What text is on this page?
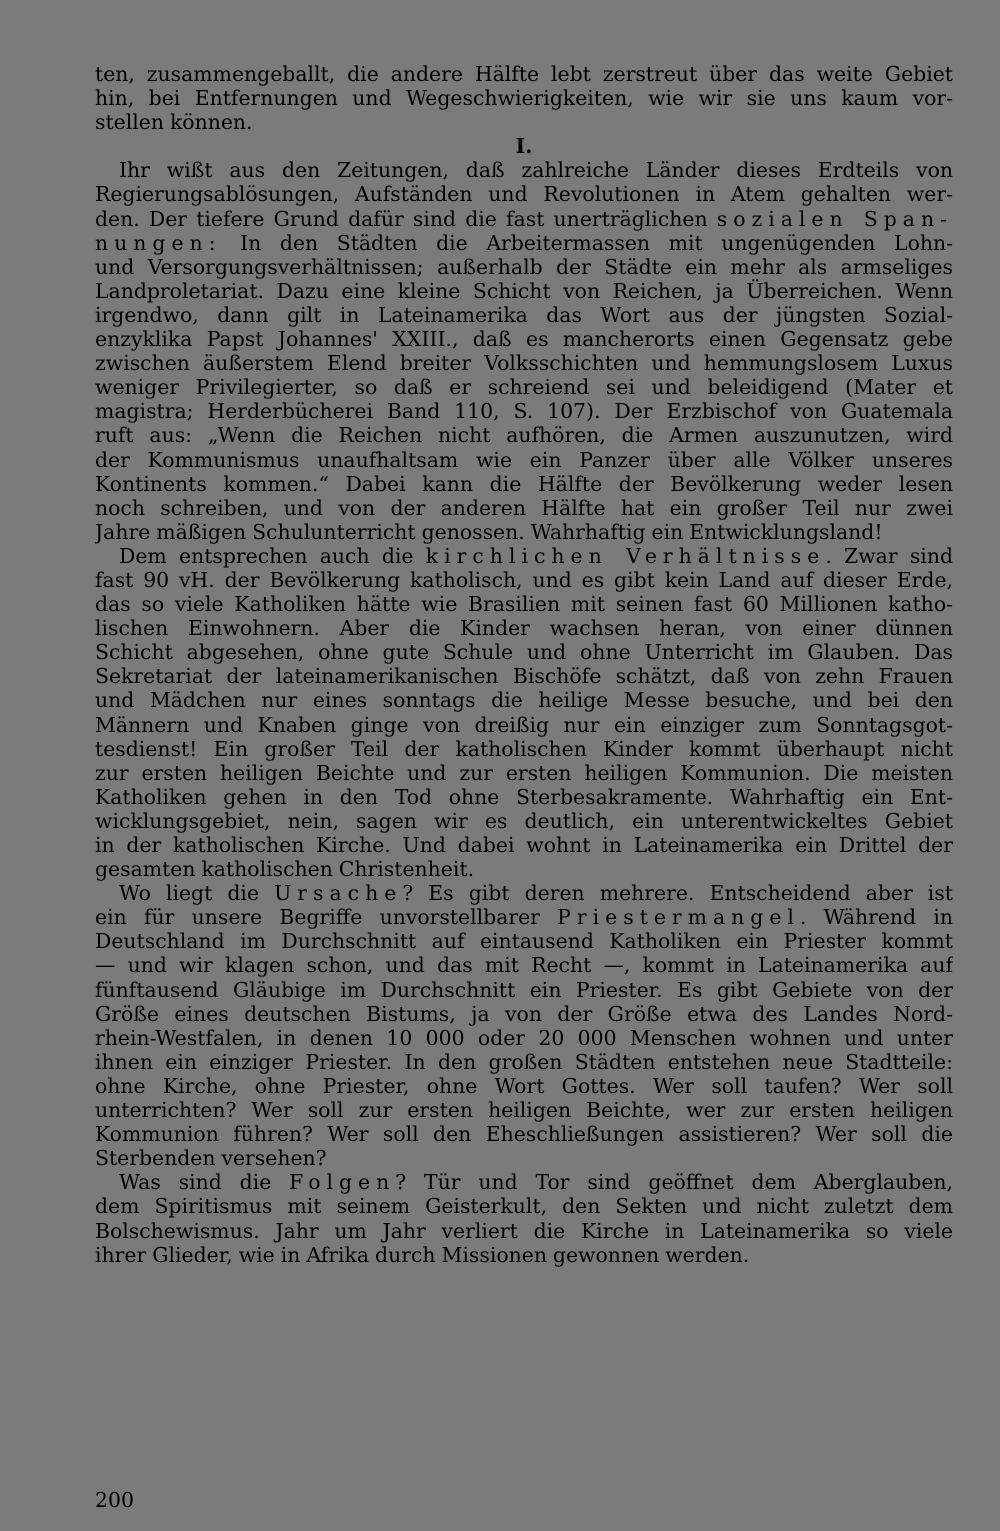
ten, zusammengeballt, die andere Hälfte lebt zerstreut über das weite Gebiet
hin, bei Entfernungen und Wegeschwierigkeiten, wie wir sie uns kaum vor-
stellen können.
I.
Ihr wißt aus den Zeitungen, daß zahlreiche Länder dieses Erdteils von
Regierungsablösungen, Aufständen und Revolutionen in Atem gehalten wer-
den. Der tiefere Grund dafür sind die fast unerträglichen sozialen Span-
nungen: In den Städten die Arbeitermassen mit ungenügenden Lohn-
und Versorgungsverhältnissen; außerhalb der Städte ein mehr als armseliges
Landproletariat. Dazu eine kleine Schicht von Reichen, ja Überreichen. Wenn
irgendwo, dann gilt in Lateinamerika das Wort aus der jüngsten Sozial-
enzyklika Papst Johannes' XXIII., daß es mancherorts einen Gegensatz gebe
zwischen äußerstem Elend breiter Volksschichten und hemmungslosem Luxus
weniger Privilegierter, so daß er schreiend sei und beleidigend (Mater et
magistra; Herderbücherei Band 110, S. 107). Der Erzbischof von Guatemala
ruft aus: „Wenn die Reichen nicht aufhören, die Armen auszunutzen, wird
der Kommunismus unaufhaltsam wie ein Panzer über alle Völker unseres
Kontinents kommen.“ Dabei kann die Hälfte der Bevölkerung weder lesen
noch schreiben, und von der anderen Hälfte hat ein großer Teil nur zwei
Jahre mäßigen Schulunterricht genossen. Wahrhaftig ein Entwicklungsland!
Dem entsprechen auch die kirchlichen Verhältnisse. Zwar sind
fast 90 vH. der Bevölkerung katholisch, und es gibt kein Land auf dieser Erde,
das so viele Katholiken hätte wie Brasilien mit seinen fast 60 Millionen katho-
lischen Einwohnern. Aber die Kinder wachsen heran, von einer dünnen
Schicht abgesehen, ohne gute Schule und ohne Unterricht im Glauben. Das
Sekretariat der lateinamerikanischen Bischöfe schätzt, daß von zehn Frauen
und Mädchen nur eines sonntags die heilige Messe besuche, und bei den
Männern und Knaben ginge von dreißig nur ein einziger zum Sonntagsgot-
tesdienst! Ein großer Teil der katholischen Kinder kommt überhaupt nicht
zur ersten heiligen Beichte und zur ersten heiligen Kommunion. Die meisten
Katholiken gehen in den Tod ohne Sterbesakramente. Wahrhaftig ein Ent-
wicklungsgebiet, nein, sagen wir es deutlich, ein unterentwickeltes Gebiet
in der katholischen Kirche. Und dabei wohnt in Lateinamerika ein Drittel der
gesamten katholischen Christenheit.
Wo liegt die Ursache? Es gibt deren mehrere. Entscheidend aber ist
ein für unsere Begriffe unvorstellbarer Priestermangel. Während in
Deutschland im Durchschnitt auf eintausend Katholiken ein Priester kommt
— und wir klagen schon, und das mit Recht —, kommt in Lateinamerika auf
fünftausend Gläubige im Durchschnitt ein Priester. Es gibt Gebiete von der
Größe eines deutschen Bistums, ja von der Größe etwa des Landes Nord-
rhein-Westfalen, in denen 10 000 oder 20 000 Menschen wohnen und unter
ihnen ein einziger Priester. In den großen Städten entstehen neue Stadtteile:
ohne Kirche, ohne Priester, ohne Wort Gottes. Wer soll taufen? Wer soll
unterrichten? Wer soll zur ersten heiligen Beichte, wer zur ersten heiligen
Kommunion führen? Wer soll den Eheschließungen assistieren? Wer soll die
Sterbenden versehen?
Was sind die Folgen? Tür und Tor sind geöffnet dem Aberglauben,
dem Spiritismus mit seinem Geisterkult, den Sekten und nicht zuletzt dem
Bolschewismus. Jahr um Jahr verliert die Kirche in Lateinamerika so viele
ihrer Glieder, wie in Afrika durch Missionen gewonnen werden.
200
